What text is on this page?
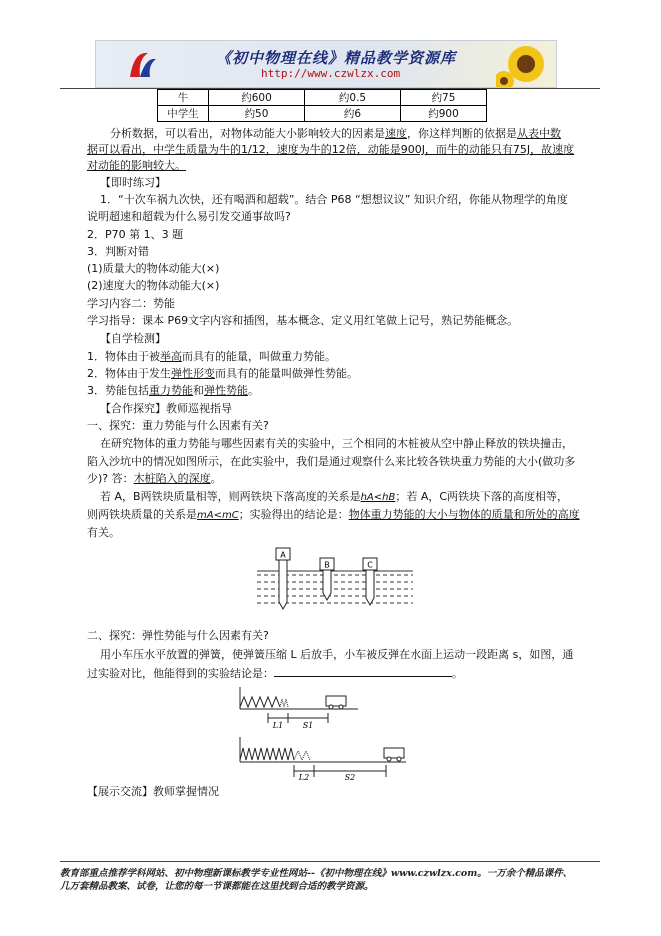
《初中物理在线》精品教学资源库
http://www.czwlzx.com
牛	约600	约0.5	约75
中学生	约50	约6	约900
分析数据，可以看出，对物体动能大小影响较大的因素是速度，你这样判断的依据是从表中数
据可以看出，中学生质量为牛的1/12，速度为牛的12倍，动能是900J，而牛的动能只有75J，故速度
对动能的影响较大。
【即时练习】
1．“十次车祸九次快，还有喝酒和超载”。结合 P68 “想想议议” 知识介绍，你能从物理学的角度
说明超速和超载为什么易引发交通事故吗?
2．P70 第 1、3 题
3．判断对错
(1)质量大的物体动能大(×)
(2)速度大的物体动能大(×)
学习内容二：势能
学习指导：课本 P69文字内容和插图，基本概念、定义用红笔做上记号，熟记势能概念。
【自学检测】
1．物体由于被举高而具有的能量，叫做重力势能。
2．物体由于发生弹性形变而具有的能量叫做弹性势能。
3．势能包括重力势能和弹性势能。
【合作探究】教师巡视指导
一、探究：重力势能与什么因素有关?
在研究物体的重力势能与哪些因素有关的实验中，三个相同的木桩被从空中静止释放的铁块撞击，
陷入沙坑中的情况如图所示，在此实验中，我们是通过观察什么来比较各铁块重力势能的大小(做功多
少)? 答：木桩陷入的深度。
若 A，B两铁块质量相等，则两铁块下落高度的关系是hA<hB；若 A，C两铁块下落的高度相等，
则两铁块质量的关系是mA<mC；实验得出的结论是：物体重力势能的大小与物体的质量和所处的高度
有关。
A
B	C
二、探究：弹性势能与什么因素有关?
用小车压水平放置的弹簧，使弹簧压缩 L 后放手，小车被反弹在水面上运动一段距离 s，如图，通
过实验对比，他能得到的实验结论是：	。
L1 S1
L2	S2
【展示交流】教师掌握情况
教育部重点推荐学科网站、初中物理新课标教学专业性网站--《初中物理在线》www.czwlzx.com。一万余个精品课件、
几万套精品教案、试卷，让您的每一节课都能在这里找到合适的教学资源。
